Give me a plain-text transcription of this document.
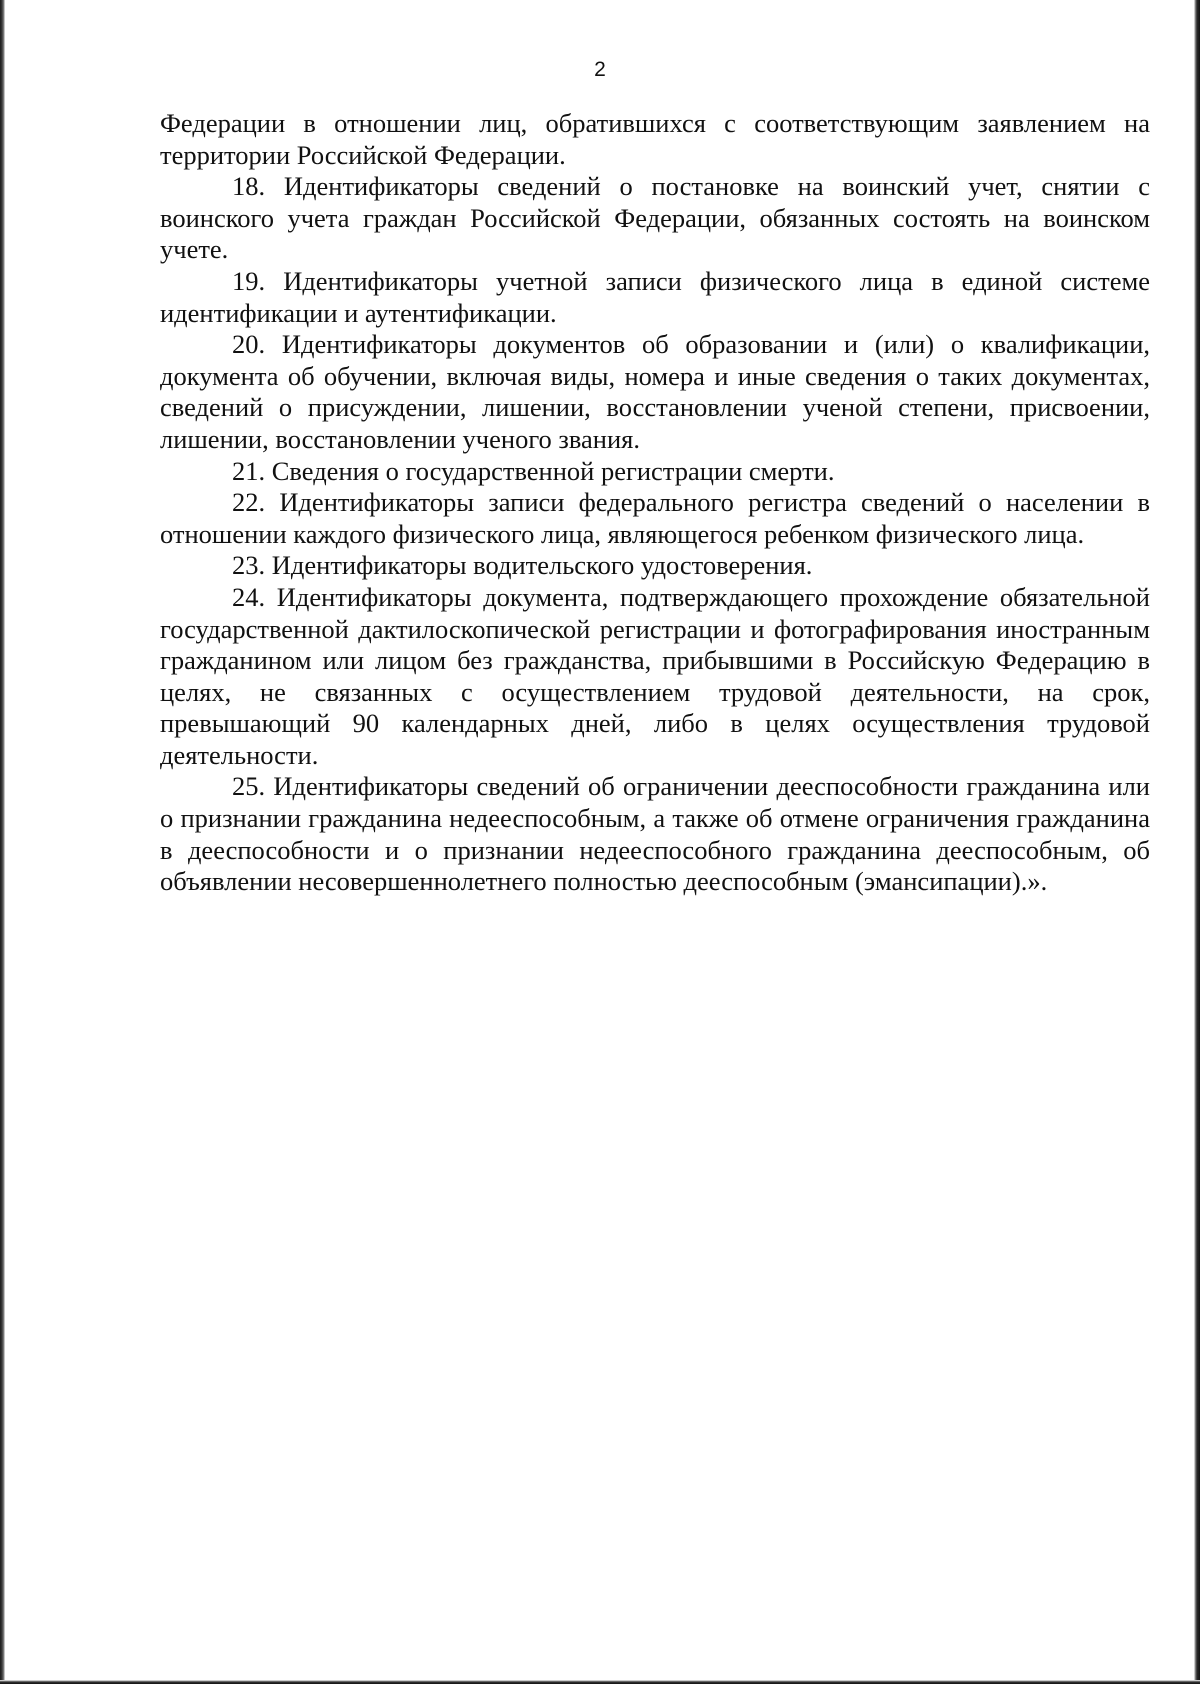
2

Федерации в отношении лиц, обратившихся с соответствующим заявлением на территории Российской Федерации.

18. Идентификаторы сведений о постановке на воинский учет, снятии с воинского учета граждан Российской Федерации, обязанных состоять на воинском учете.

19. Идентификаторы учетной записи физического лица в единой системе идентификации и аутентификации.

20. Идентификаторы документов об образовании и (или) о квалификации, документа об обучении, включая виды, номера и иные сведения о таких документах, сведений о присуждении, лишении, восстановлении ученой степени, присвоении, лишении, восстановлении ученого звания.

21. Сведения о государственной регистрации смерти.

22. Идентификаторы записи федерального регистра сведений о населении в отношении каждого физического лица, являющегося ребенком физического лица.

23. Идентификаторы водительского удостоверения.

24. Идентификаторы документа, подтверждающего прохождение обязательной государственной дактилоскопической регистрации и фотографирования иностранным гражданином или лицом без гражданства, прибывшими в Российскую Федерацию в целях, не связанных с осуществлением трудовой деятельности, на срок, превышающий 90 календарных дней, либо в целях осуществления трудовой деятельности.

25. Идентификаторы сведений об ограничении дееспособности гражданина или о признании гражданина недееспособным, а также об отмене ограничения гражданина в дееспособности и о признании недееспособного гражданина дееспособным, об объявлении несовершеннолетнего полностью дееспособным (эмансипации).».
